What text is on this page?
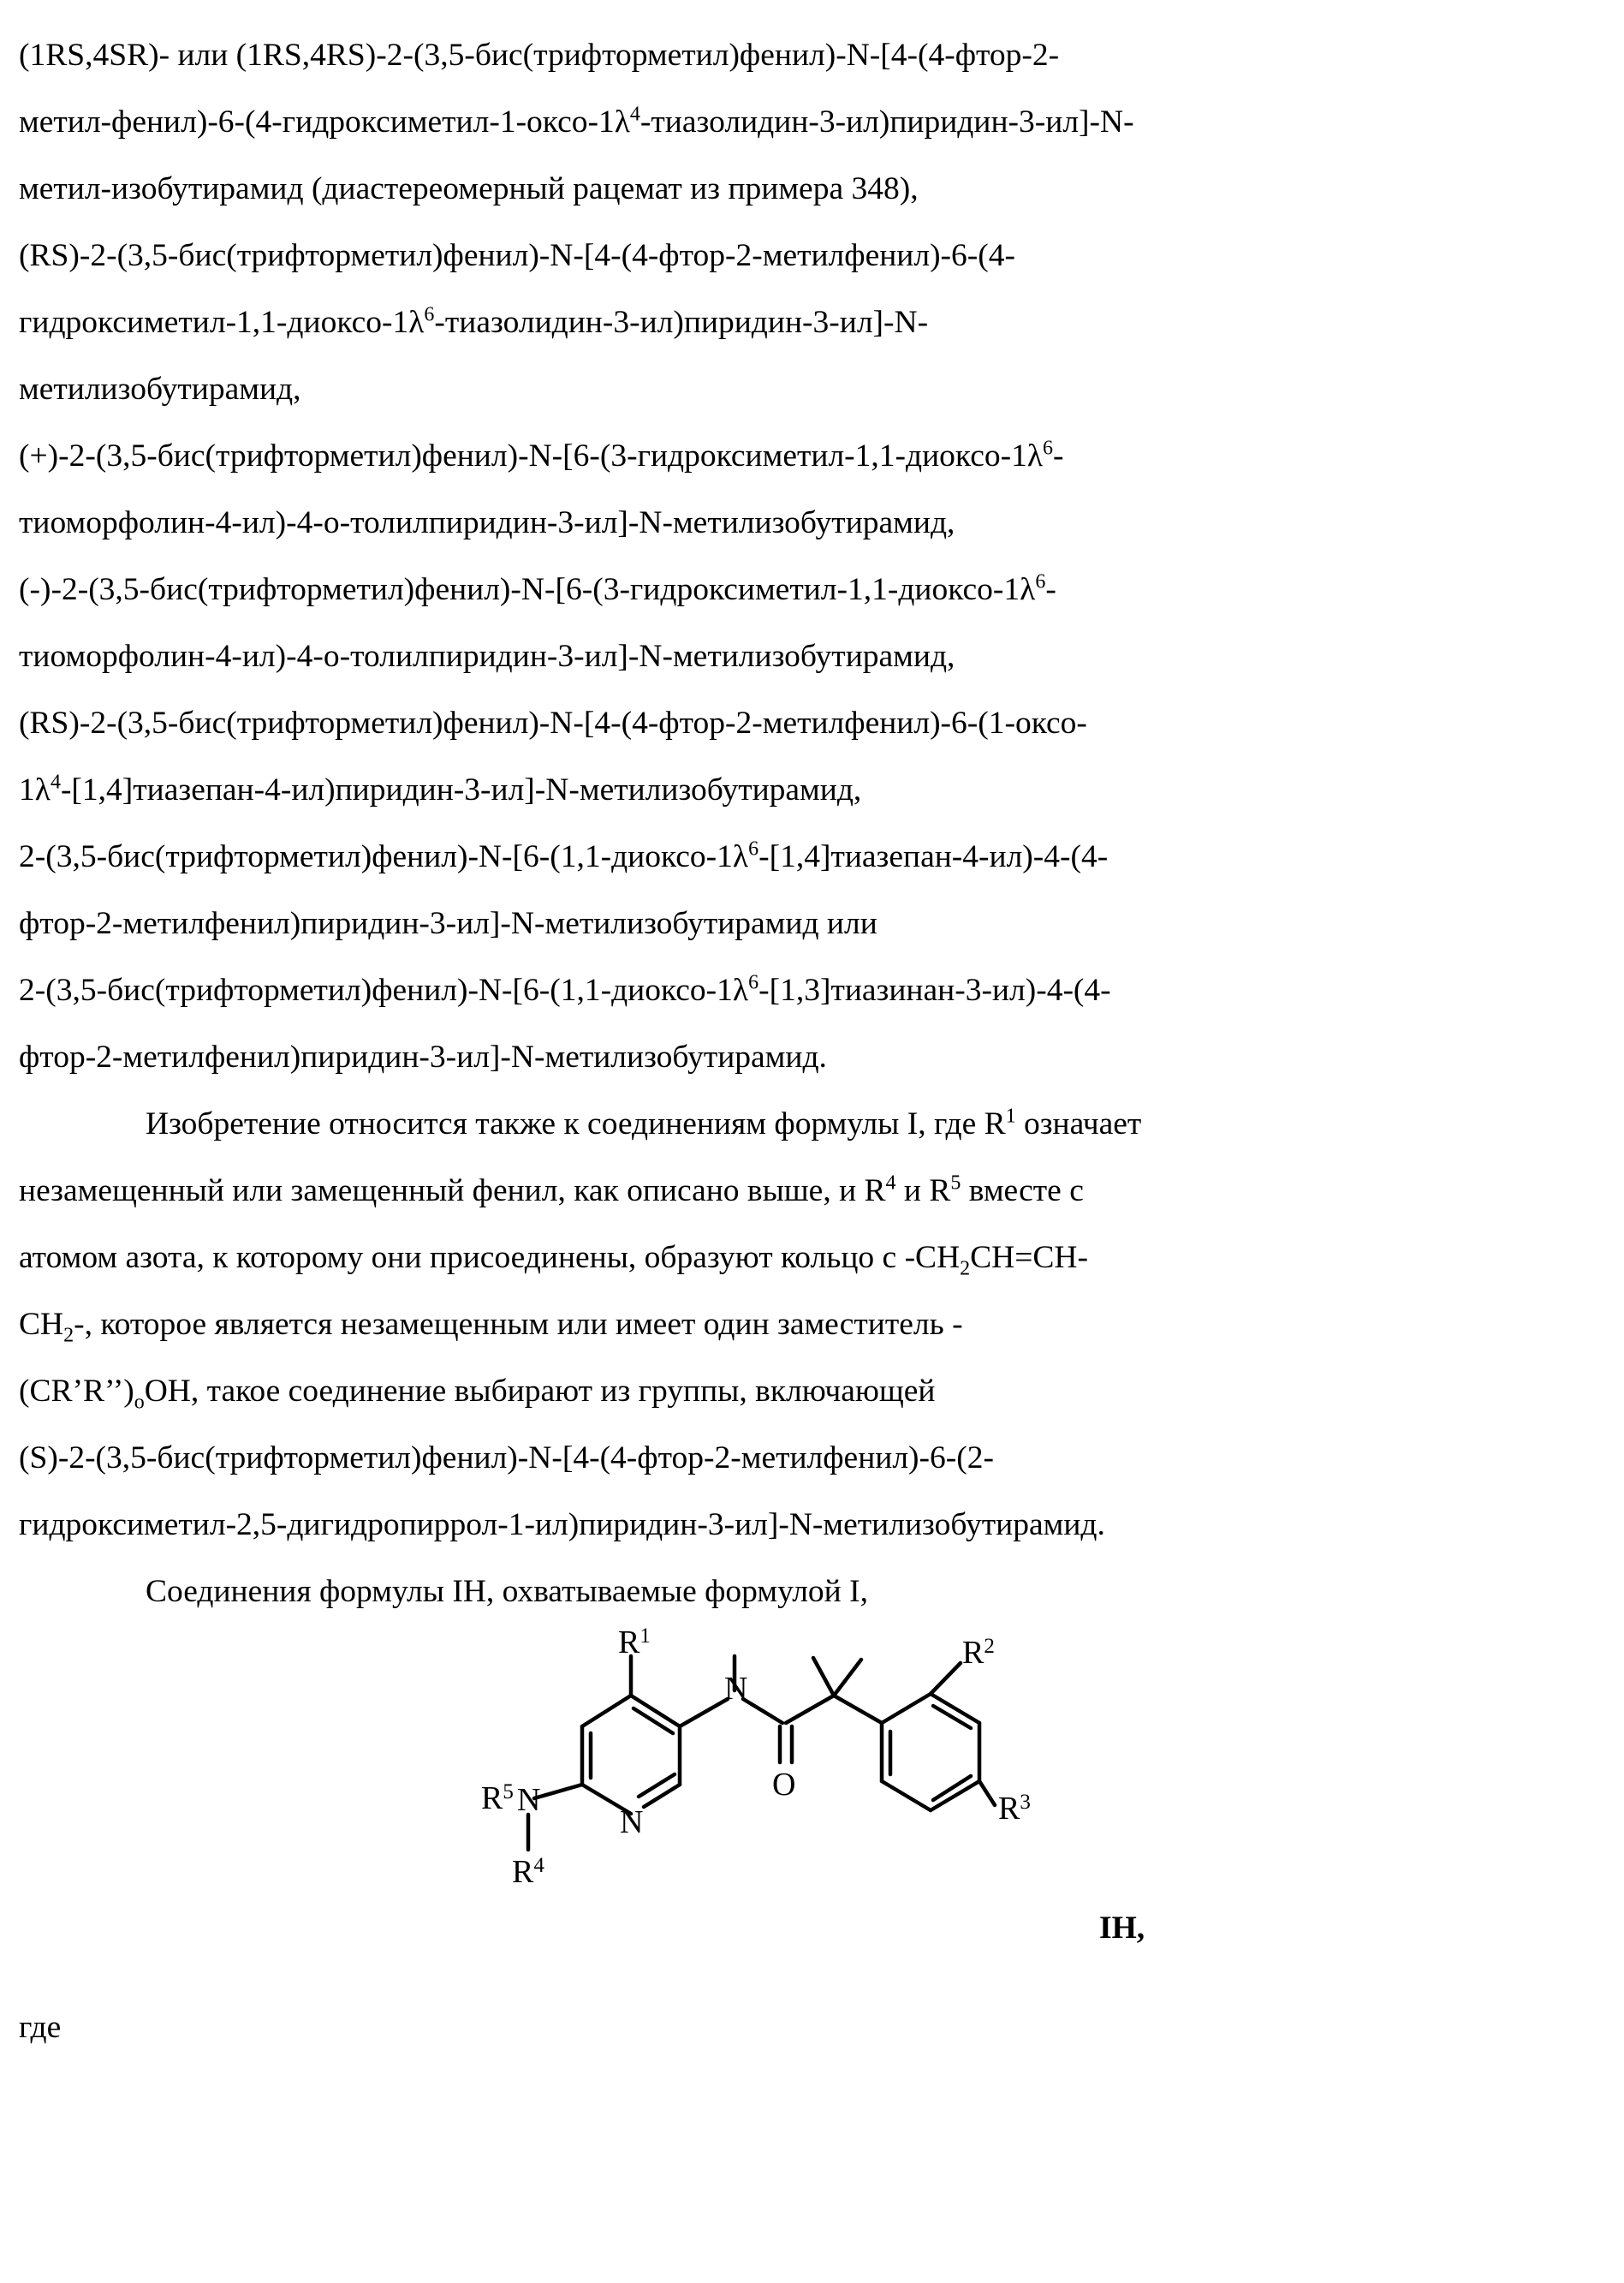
(1RS,4SR)- или (1RS,4RS)-2-(3,5-бис(трифторметил)фенил)-N-[4-(4-фтор-2-

метил-$фенил)-6-(4-гидроксиметил-1-оксо-1\lambda^4-тиазолидин-3-ил)пиридин-3-ил]-N-$

метил-изобутирамид (диастереомерный рацемат из примера 348),

(RS)-2-(3,5-бис(трифторметил)фенил)-N-[4-(4-фтор-2-метилфенил)-6-(4-

гидроксиметил-$1,1-диоксо-1\lambda^6-тиазолидин-3-ил)пиридин-3-ил]-N-$

метилизобутирамид,

$(+)-2-(3,5-бис(трифторметил)фенил)-N-[6-(3-гидроксиметил-1,1-диоксо-1\lambda^6-$

тиоморфолин-4-ил)-4-о-толилпиридин-3-ил]-N-метилизобутирамид,

$(-)-2-(3,5-бис(трифторметил)фенил)-N-[6-(3-гидроксиметил-1,1-диоксо-1\lambda^6-$

тиоморфолин-4-ил)-4-о-толилпиридин-3-ил]-N-метилизобутирамид,

(RS)-2-(3,5-бис(трифторметил)фенил)-N-[4-(4-фтор-2-метилфенил)-6-(1-оксо-

$1\lambda^4-[1,4]тиазепан-4-ил)пиридин-3-ил]-N$-метилизобутирамид,

$2-(3,5-бис(трифторметил)фенил)-N-[6-(1,1-диоксо-1\lambda^6-[1,4]тиазепан-4-ил)-4-(4-$

фтор-2-метилфенил)пиридин-3-ил]-N-метилизобутирамид или

$2-(3,5-бис(трифторметил)фенил)-N-[6-(1,1-диоксо-1\lambda^6-[1,3]тиазинан-3-ил)-4-(4-$

фтор-2-метилфенил)пиридин-3-ил]-N-метилизобутирамид.

Изобретение относится также к соединениям формулы I, где $R^1$ означает

незамещенный или замещенный фенил, как описано выше, и $R^4$ и $R^5$ вместе с

атомом азота, к которому они присоединены, образуют кольцо с $-CH_2CH=CH-$

$CH_2-$, которое является незамещенным или имеет один заместитель -

$(CR’R’’)_oOH$, такое соединение выбирают из группы, включающей

(S)-2-(3,5-бис(трифторметил)фенил)-N-[4-(4-фтор-2-метилфенил)-6-(2-

гидроксиметил-2,5-дигидропиррол-1-ил)пиридин-3-ил]-N-метилизобутирамид.

Соединения формулы IH, охватываемые формулой I,

$R^1$
N
$R^5$ N
$R^4$
N
O
$R^2$
$R^3$
IH,
где
